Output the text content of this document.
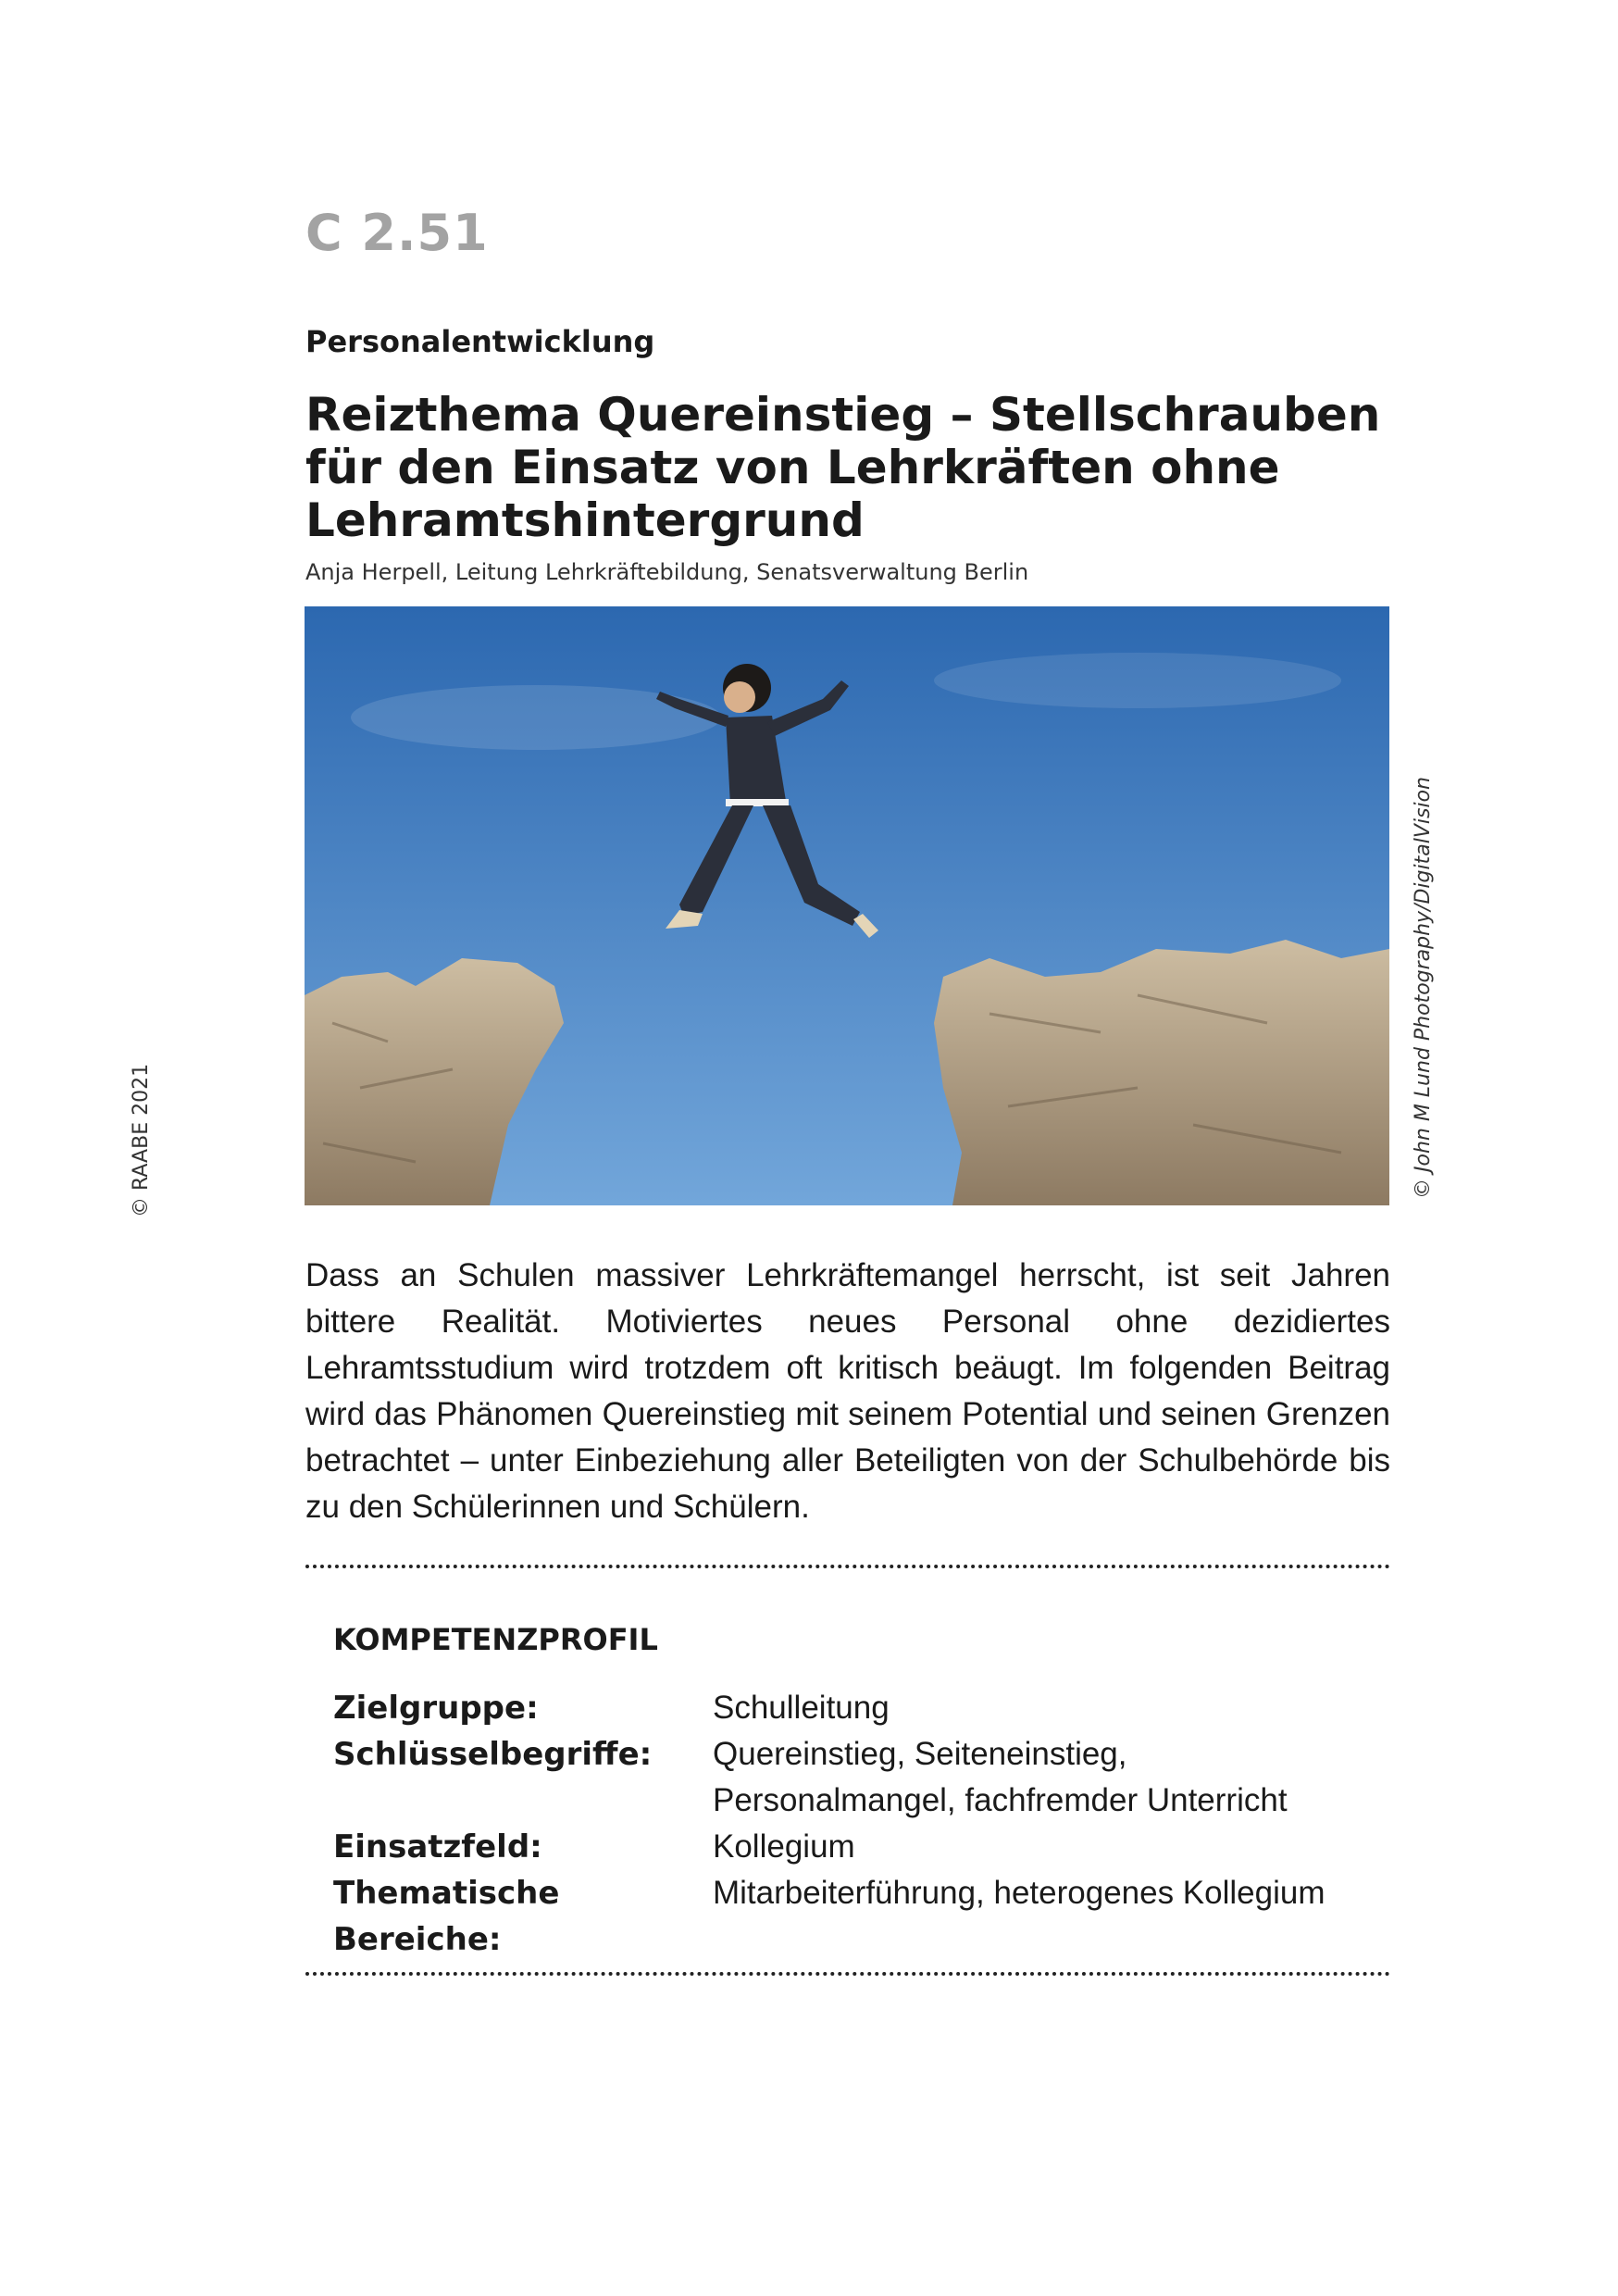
C 2.51
Personalentwicklung
Reizthema Quereinstieg – Stellschrauben für den Einsatz von Lehrkräften ohne Lehramtshintergrund
Anja Herpell, Leitung Lehrkräftebildung, Senatsverwaltung Berlin
© John M Lund Photography/DigitalVision
© RAABE 2021

Dass an Schulen massiver Lehrkräftemangel herrscht, ist seit Jahren bittere Realität. Motiviertes neues Personal ohne dezidiertes Lehramtsstudium wird trotzdem oft kritisch beäugt. Im folgenden Beitrag wird das Phänomen Quereinstieg mit seinem Potential und seinen Grenzen betrachtet – unter Einbeziehung aller Beteiligten von der Schulbehörde bis zu den Schülerinnen und Schülern.

KOMPETENZPROFIL
Zielgruppe:	Schulleitung
Schlüsselbegriffe:	Quereinstieg, Seiteneinstieg, Personalmangel, fachfremder Unterricht
Einsatzfeld:	Kollegium
Thematische Bereiche:
Mitarbeiterführung, heterogenes Kollegium
